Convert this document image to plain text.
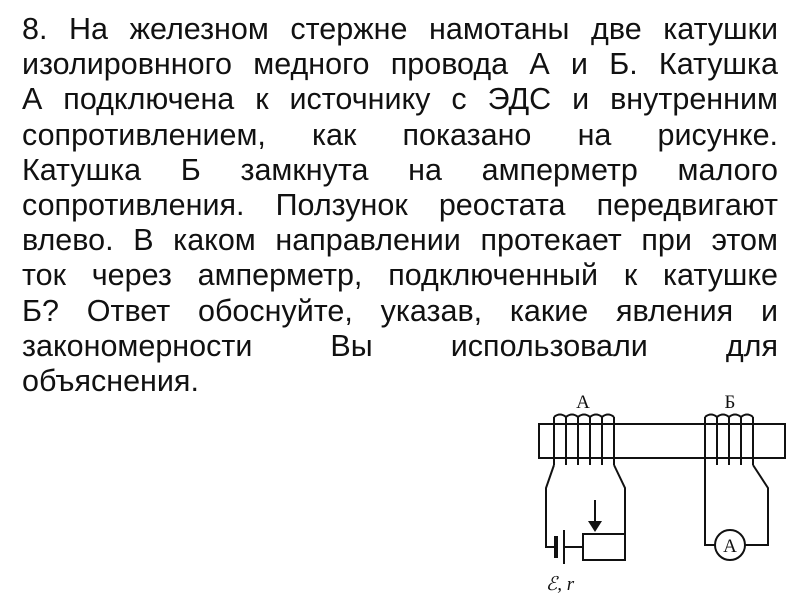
8. На железном стержне намотаны две катушки
изолировнного медного провода А и Б. Катушка
А подключена к источнику с ЭДС и внутренним
сопротивлением, как показано на рисунке.
Катушка Б замкнута на амперметр малого
сопротивления. Ползунок реостата передвигают
влево. В каком направлении протекает при этом
ток через амперметр, подключенный к катушке
Б? Ответ обоснуйте, указав, какие явления и
закономерности Вы использовали для
объяснения.
A
А	Б
ℰ, r
